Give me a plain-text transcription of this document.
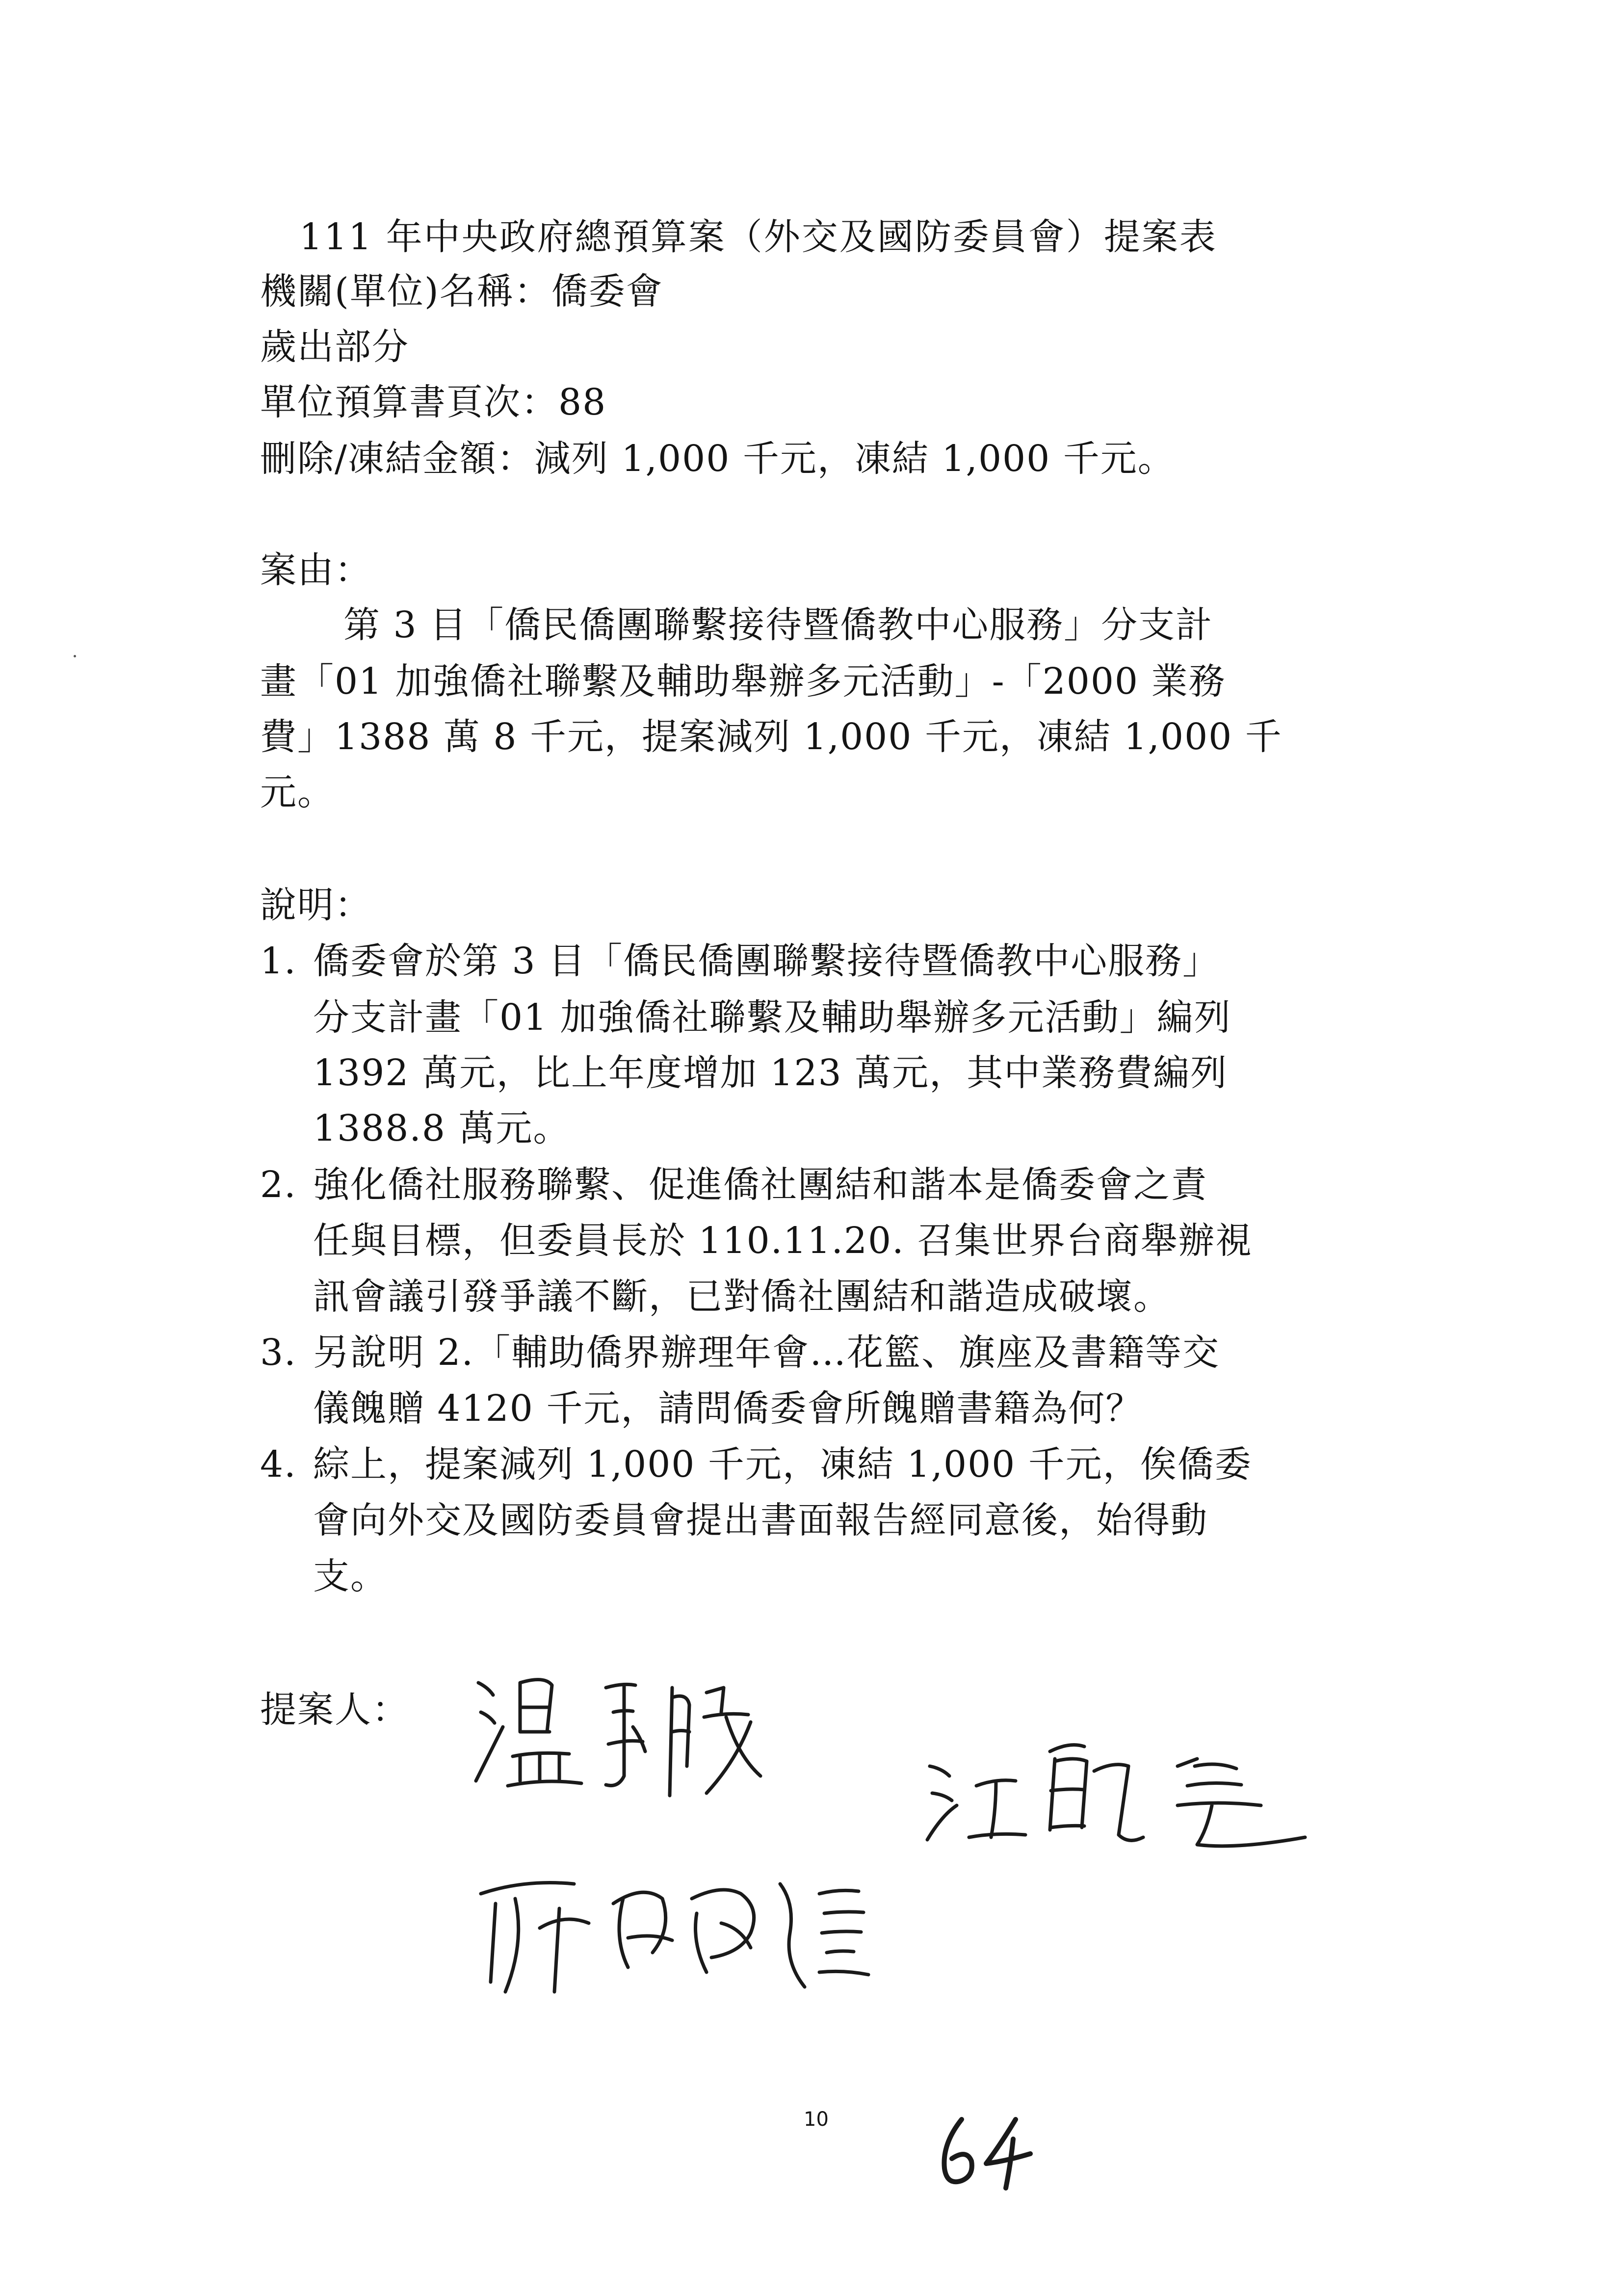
111 年中央政府總預算案（外交及國防委員會）提案表
機關(單位)名稱：僑委會
歲出部分
單位預算書頁次：88
刪除/凍結金額：減列 1,000 千元，凍結 1,000 千元。
案由：
第 3 目「僑民僑團聯繫接待暨僑教中心服務」分支計
畫「01 加強僑社聯繫及輔助舉辦多元活動」-「2000 業務
費」1388 萬 8 千元，提案減列 1,000 千元，凍結 1,000 千
元。
說明：
1. 僑委會於第 3 目「僑民僑團聯繫接待暨僑教中心服務」
分支計畫「01 加強僑社聯繫及輔助舉辦多元活動」編列
1392 萬元，比上年度增加 123 萬元，其中業務費編列
1388.8 萬元。
2. 強化僑社服務聯繫、促進僑社團結和諧本是僑委會之責
任與目標，但委員長於 110.11.20. 召集世界台商舉辦視
訊會議引發爭議不斷，已對僑社團結和諧造成破壞。
3. 另說明 2.「輔助僑界辦理年會…花籃、旗座及書籍等交
儀餽贈 4120 千元，請問僑委會所餽贈書籍為何？
4. 綜上，提案減列 1,000 千元，凍結 1,000 千元，俟僑委
會向外交及國防委員會提出書面報告經同意後，始得動
支。
提案人：
10
